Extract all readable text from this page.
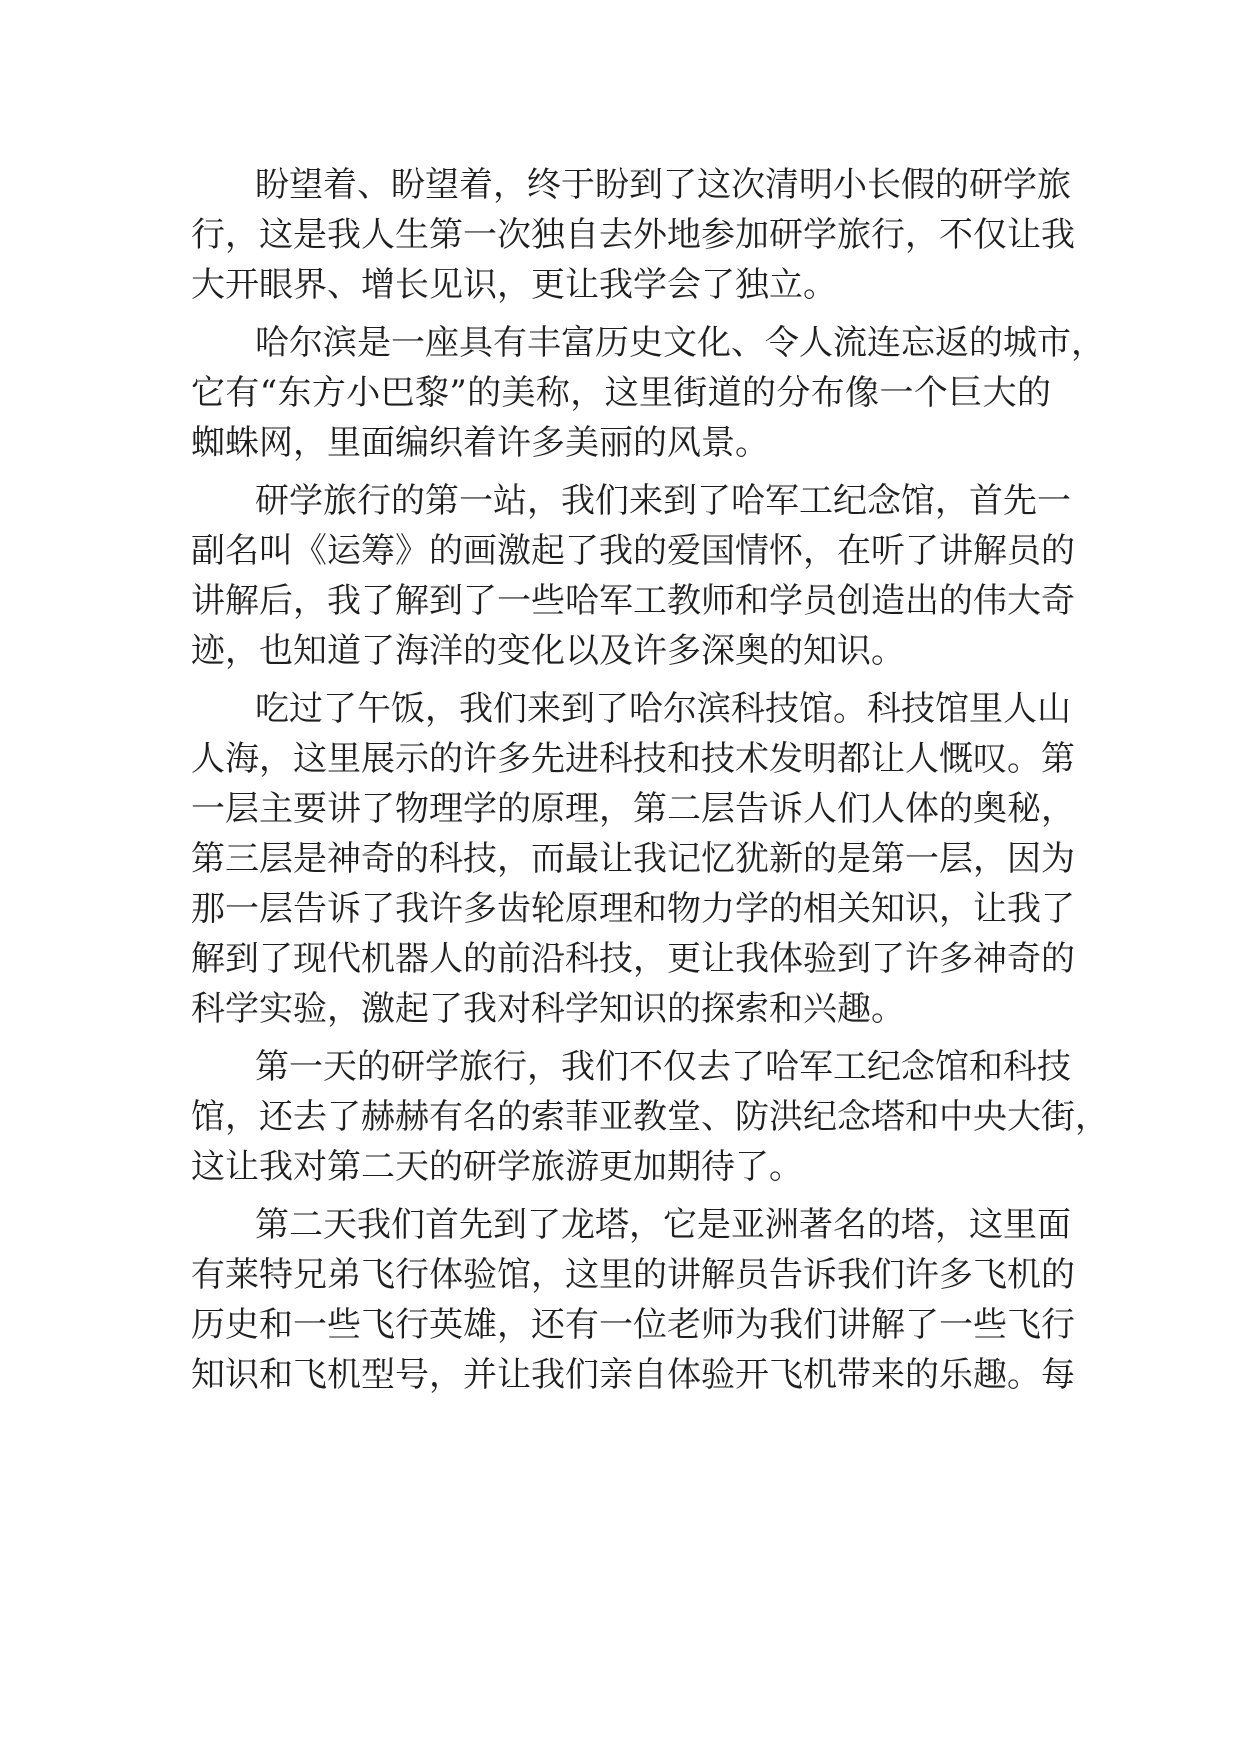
盼望着、盼望着，终于盼到了这次清明小长假的研学旅
行，这是我人生第一次独自去外地参加研学旅行，不仅让我
大开眼界、增长见识，更让我学会了独立。
哈尔滨是一座具有丰富历史文化、令人流连忘返的城市，
它有“东方小巴黎”的美称，这里街道的分布像一个巨大的
蜘蛛网，里面编织着许多美丽的风景。
研学旅行的第一站，我们来到了哈军工纪念馆，首先一
副名叫《运筹》的画激起了我的爱国情怀，在听了讲解员的
讲解后，我了解到了一些哈军工教师和学员创造出的伟大奇
迹，也知道了海洋的变化以及许多深奥的知识。
吃过了午饭，我们来到了哈尔滨科技馆。科技馆里人山
人海，这里展示的许多先进科技和技术发明都让人慨叹。第
一层主要讲了物理学的原理，第二层告诉人们人体的奥秘，
第三层是神奇的科技，而最让我记忆犹新的是第一层，因为
那一层告诉了我许多齿轮原理和物力学的相关知识，让我了
解到了现代机器人的前沿科技，更让我体验到了许多神奇的
科学实验，激起了我对科学知识的探索和兴趣。
第一天的研学旅行，我们不仅去了哈军工纪念馆和科技
馆，还去了赫赫有名的索菲亚教堂、防洪纪念塔和中央大街，
这让我对第二天的研学旅游更加期待了。
第二天我们首先到了龙塔，它是亚洲著名的塔，这里面
有莱特兄弟飞行体验馆，这里的讲解员告诉我们许多飞机的
历史和一些飞行英雄，还有一位老师为我们讲解了一些飞行
知识和飞机型号，并让我们亲自体验开飞机带来的乐趣。每
